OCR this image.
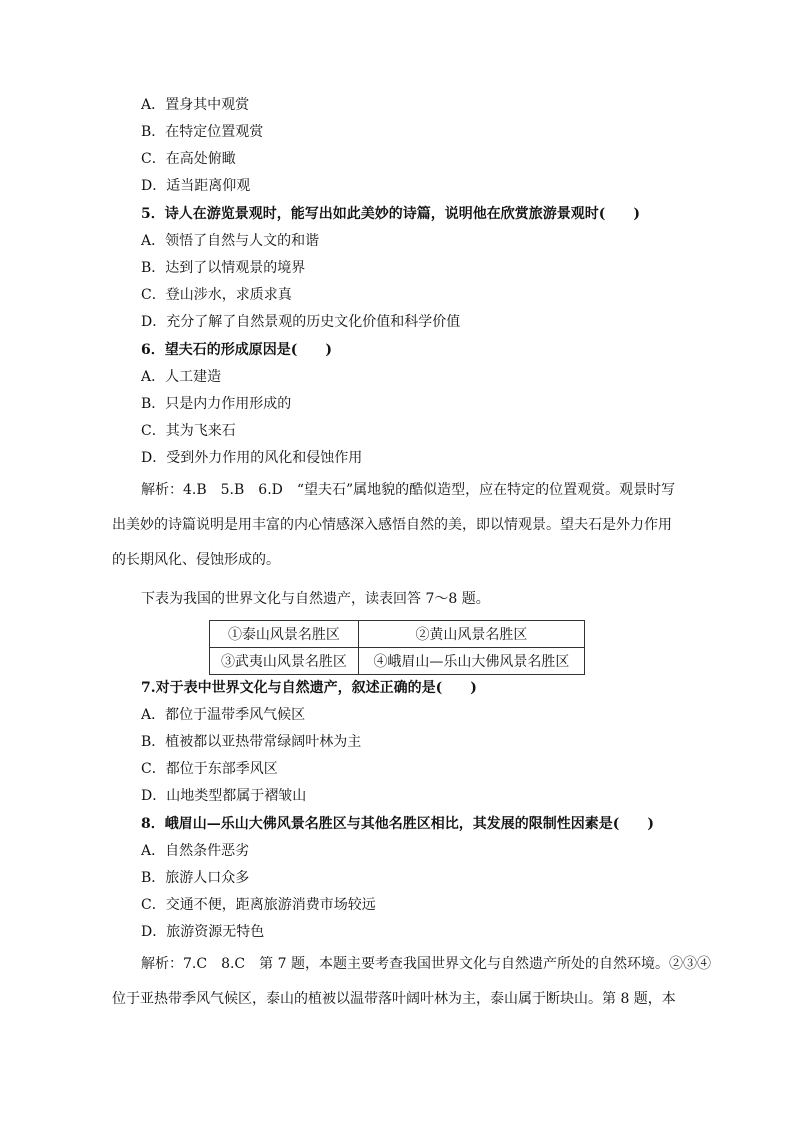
A．置身其中观赏
B．在特定位置观赏
C．在高处俯瞰
D．适当距离仰观
5．诗人在游览景观时，能写出如此美妙的诗篇，说明他在欣赏旅游景观时(　　)
A．领悟了自然与人文的和谐
B．达到了以情观景的境界
C．登山涉水，求质求真
D．充分了解了自然景观的历史文化价值和科学价值
6．望夫石的形成原因是(　　)
A．人工建造
B．只是内力作用形成的
C．其为飞来石
D．受到外力作用的风化和侵蚀作用
解析：4.B　5.B　6.D　“望夫石”属地貌的酷似造型，应在特定的位置观赏。观景时写
出美妙的诗篇说明是用丰富的内心情感深入感悟自然的美，即以情观景。望夫石是外力作用
的长期风化、侵蚀形成的。
下表为我国的世界文化与自然遗产，读表回答 7～8 题。
①泰山风景名胜区	②黄山风景名胜区
③武夷山风景名胜区	④峨眉山—乐山大佛风景名胜区
7.对于表中世界文化与自然遗产，叙述正确的是(　　)
A．都位于温带季风气候区
B．植被都以亚热带常绿阔叶林为主
C．都位于东部季风区
D．山地类型都属于褶皱山
8．峨眉山—乐山大佛风景名胜区与其他名胜区相比，其发展的限制性因素是(　　)
A．自然条件恶劣
B．旅游人口众多
C．交通不便，距离旅游消费市场较远
D．旅游资源无特色
解析：7.C　8.C　第 7 题，本题主要考查我国世界文化与自然遗产所处的自然环境。②③④
位于亚热带季风气候区，泰山的植被以温带落叶阔叶林为主，泰山属于断块山。第 8 题，本
